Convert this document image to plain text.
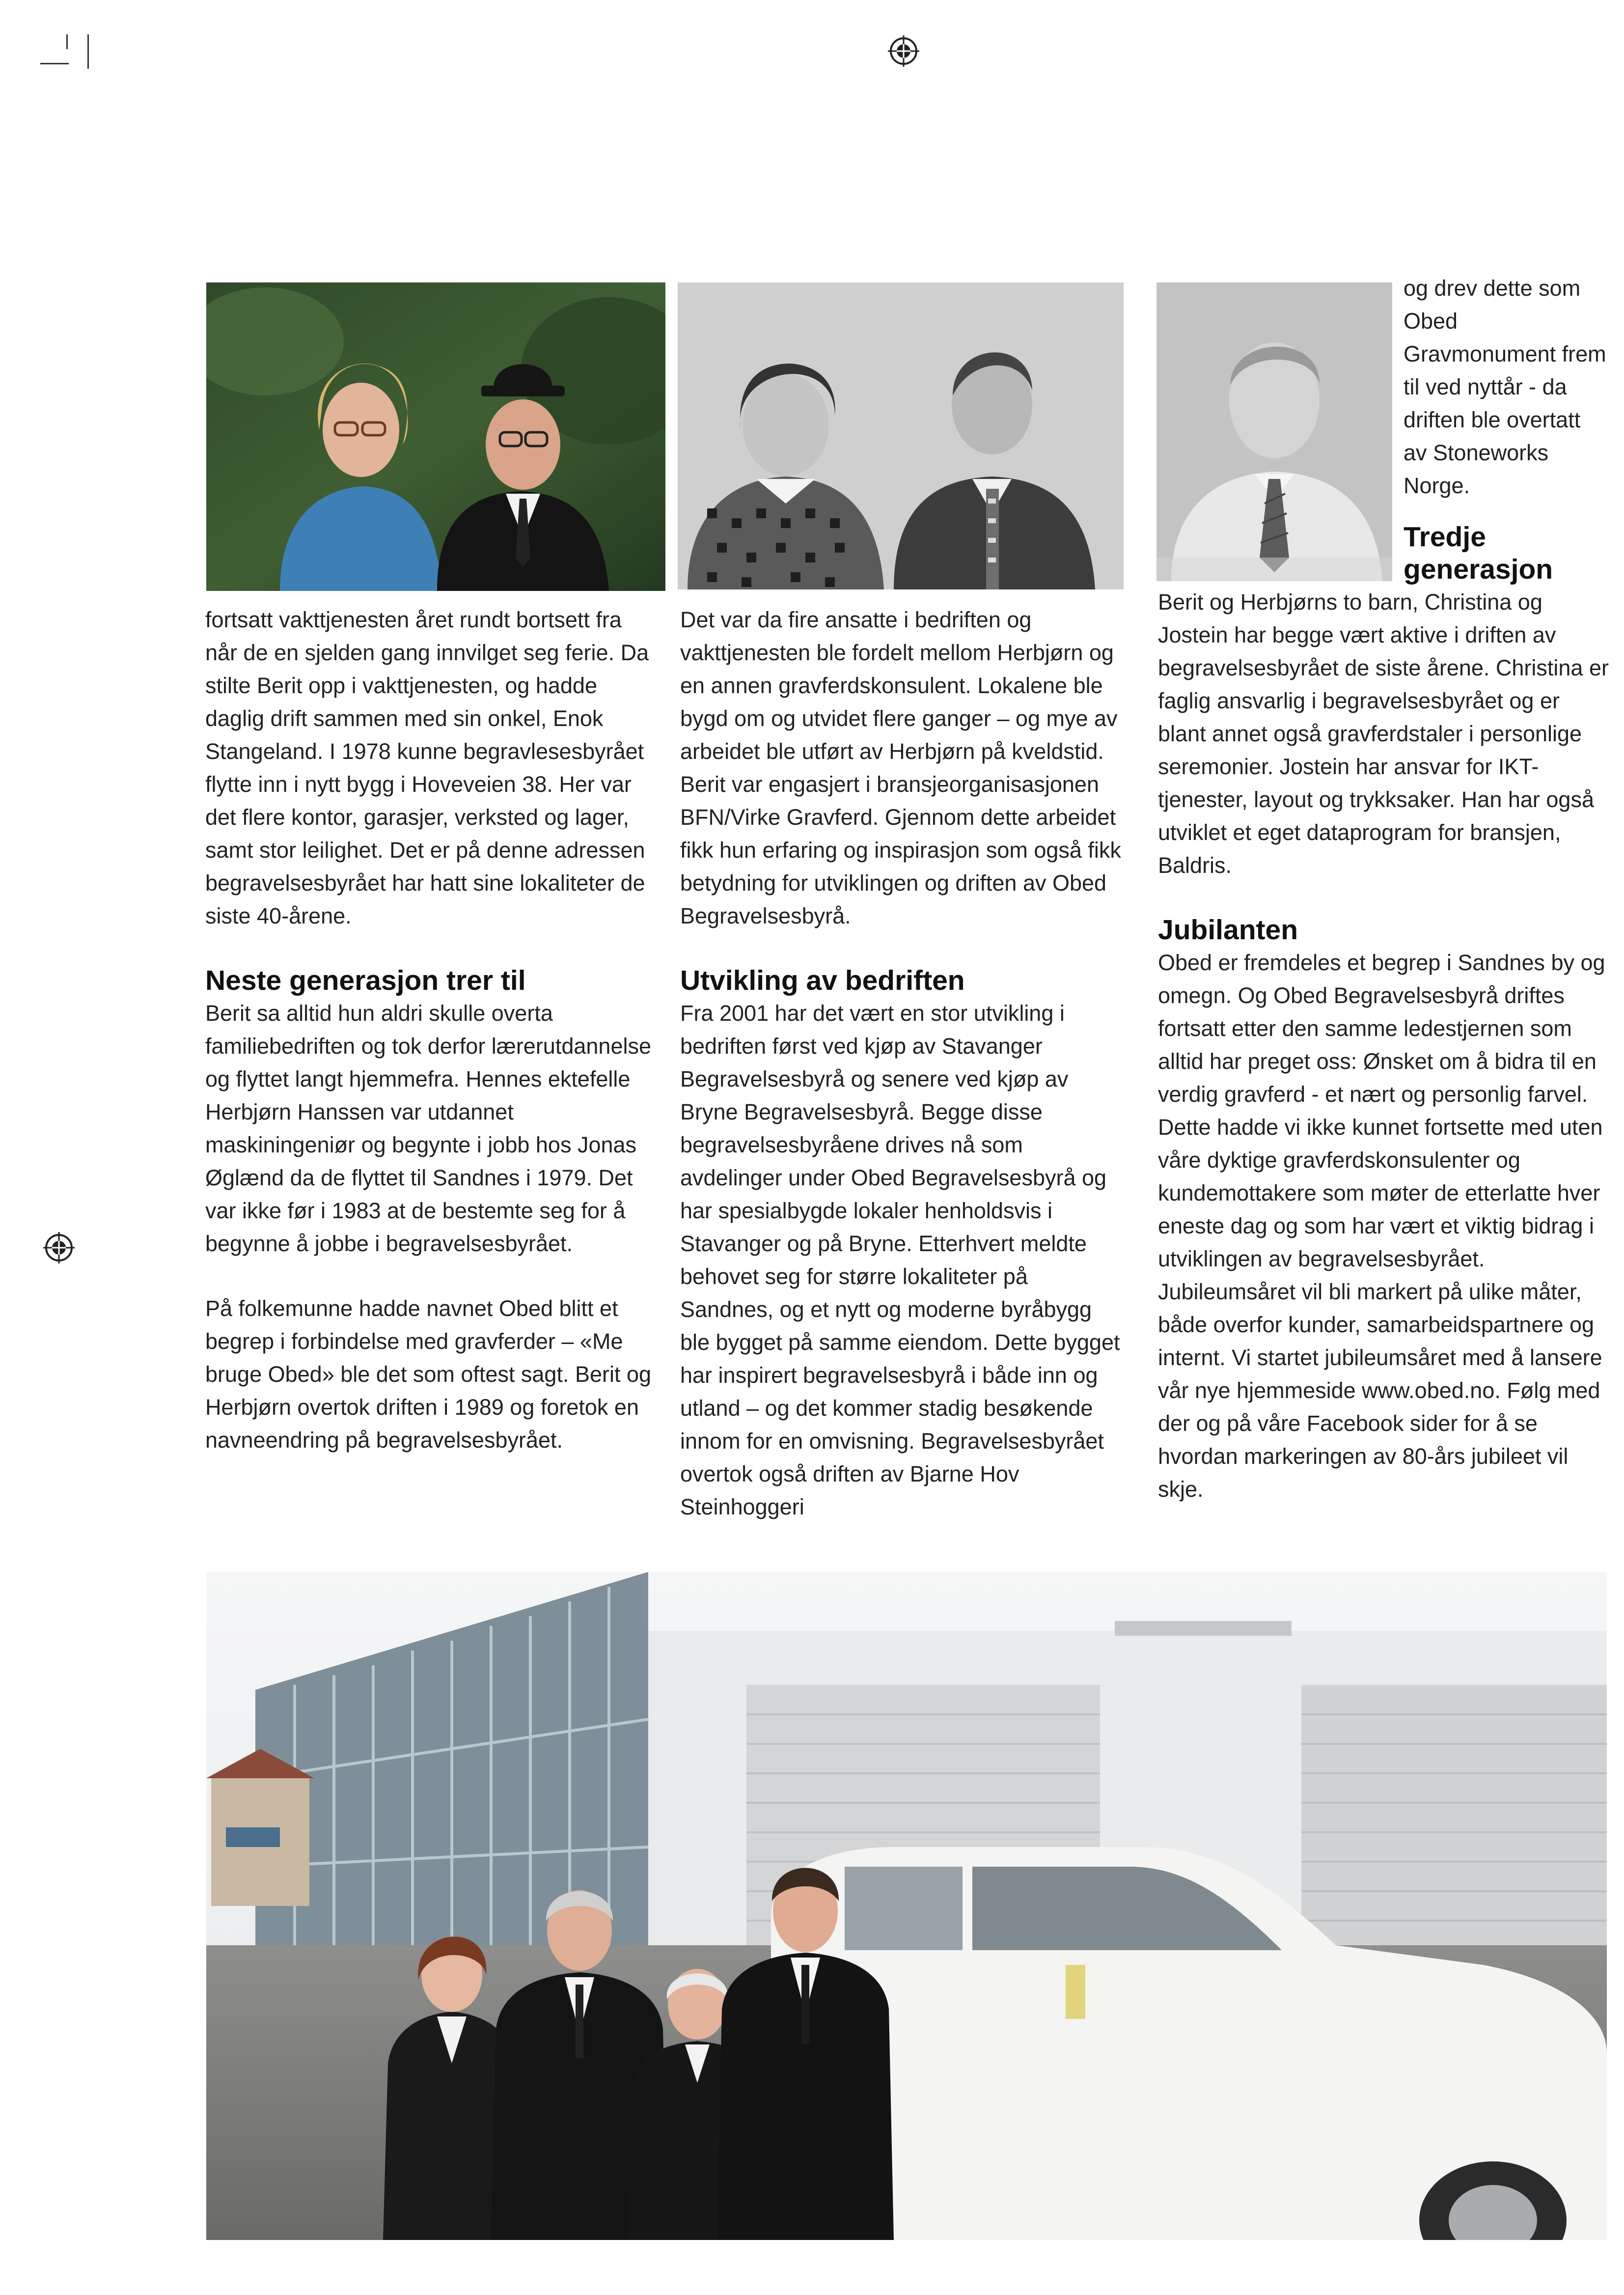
fortsatt vakttjenesten året rundt bortsett fra når de en sjelden gang innvilget seg ferie. Da stilte Berit opp i vakttjenesten, og hadde daglig drift sammen med sin onkel, Enok Stangeland. I 1978 kunne begravlesesbyrået flytte inn i nytt bygg i Hoveveien 38. Her var det flere kontor, garasjer, verksted og lager, samt stor leilighet. Det er på denne adressen begravelsesbyrået har hatt sine lokaliteter de siste 40-årene.

Neste generasjon trer til

Berit sa alltid hun aldri skulle overta familiebedriften og tok derfor lærerutdannelse og flyttet langt hjemmefra. Hennes ektefelle Herbjørn Hanssen var utdannet maskiningeniør og begynte i jobb hos Jonas Øglænd da de flyttet til Sandnes i 1979. Det var ikke før i 1983 at de bestemte seg for å begynne å jobbe i begravelsesbyrået.

På folkemunne hadde navnet Obed blitt et begrep i forbindelse med gravferder – «Me bruge Obed» ble det som oftest sagt. Berit og Herbjørn overtok driften i 1989 og foretok en navneendring på begravelsesbyrået.

Det var da fire ansatte i bedriften og vakttjenesten ble fordelt mellom Herbjørn og en annen gravferdskonsulent. Lokalene ble bygd om og utvidet flere ganger – og mye av arbeidet ble utført av Herbjørn på kveldstid. Berit var engasjert i bransjeorganisasjonen BFN/Virke Gravferd. Gjennom dette arbeidet fikk hun erfaring og inspirasjon som også fikk betydning for utviklingen og driften av Obed Begravelsesbyrå.

Utvikling av bedriften

Fra 2001 har det vært en stor utvikling i bedriften først ved kjøp av Stavanger Begravelsesbyrå og senere ved kjøp av Bryne Begravelsesbyrå. Begge disse begravelsesbyråene drives nå som avdelinger under Obed Begravelsesbyrå og har spesialbygde lokaler henholdsvis i Stavanger og på Bryne. Etterhvert meldte behovet seg for større lokaliteter på Sandnes, og et nytt og moderne byråbygg ble bygget på samme eiendom. Dette bygget har inspirert begravelsesbyrå i både inn og utland – og det kommer stadig besøkende innom for en omvisning. Begravelsesbyrået overtok også driften av Bjarne Hov Steinhoggeri

og drev dette som Obed Gravmonument frem til ved nyttår - da driften ble overtatt av Stoneworks Norge.

Tredje generasjon

Berit og Herbjørns to barn, Christina og Jostein har begge vært aktive i driften av begravelsesbyrået de siste årene. Christina er faglig ansvarlig i begravelsesbyrået og er blant annet også gravferdstaler i personlige seremonier. Jostein har ansvar for IKT-tjenester, layout og trykksaker. Han har også utviklet et eget dataprogram for bransjen, Baldris.

Jubilanten

Obed er fremdeles et begrep i Sandnes by og omegn. Og Obed Begravelsesbyrå driftes fortsatt etter den samme ledestjernen som alltid har preget oss: Ønsket om å bidra til en verdig gravferd - et nært og personlig farvel. Dette hadde vi ikke kunnet fortsette med uten våre dyktige gravferdskonsulenter og kundemottakere som møter de etterlatte hver eneste dag og som har vært et viktig bidrag i utviklingen av begravelsesbyrået. Jubileumsåret vil bli markert på ulike måter, både overfor kunder, samarbeidspartnere og internt. Vi startet jubileumsåret med å lansere vår nye hjemmeside www.obed.no. Følg med der og på våre Facebook sider for å se hvordan markeringen av 80-års jubileet vil skje.
